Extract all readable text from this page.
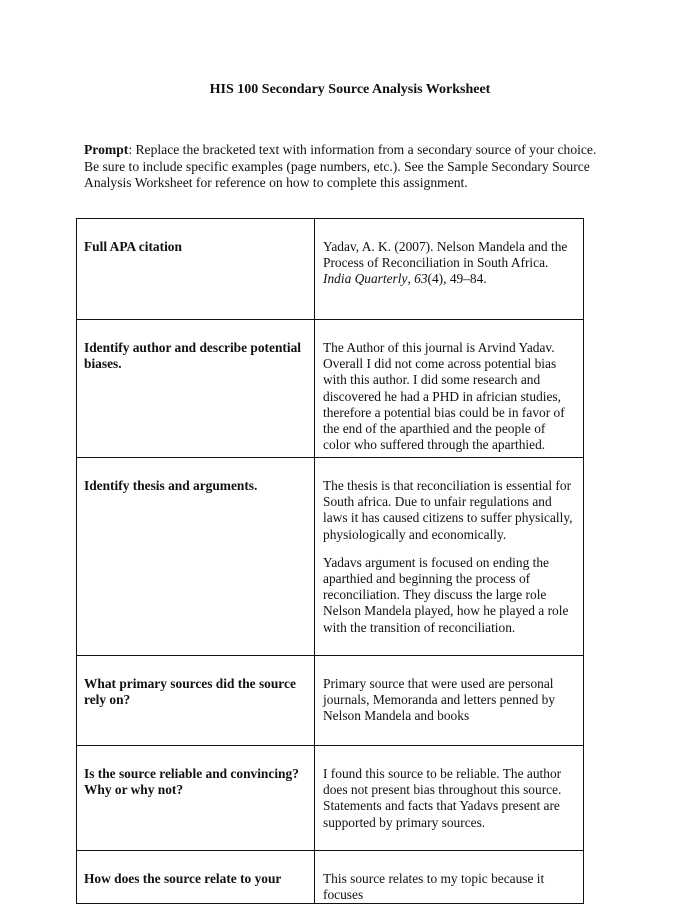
HIS 100 Secondary Source Analysis Worksheet
Prompt: Replace the bracketed text with information from a secondary source of your choice. Be sure to include specific examples (page numbers, etc.). See the Sample Secondary Source Analysis Worksheet for reference on how to complete this assignment.
Full APA citation	Yadav, A. K. (2007). Nelson Mandela and the Process of Reconciliation in South Africa. India Quarterly, 63(4), 49–84.

Identify author and describe potential biases.	The Author of this journal is Arvind Yadav. Overall I did not come across potential bias with this author. I did some research and discovered he had a PHD in africian studies, therefore a potential bias could be in favor of the end of the aparthied and the people of color who suffered through the aparthied.

Identify thesis and arguments.	The thesis is that reconciliation is essential for South africa. Due to unfair regulations and laws it has caused citizens to suffer physically, physiologically and economically.

Yadavs argument is focused on ending the aparthied and beginning the process of reconciliation. They discuss the large role Nelson Mandela played, how he played a role with the transition of reconciliation.

What primary sources did the source rely on?	Primary source that were used are personal journals, Memoranda and letters penned by Nelson Mandela and books

Is the source reliable and convincing? Why or why not?	I found this source to be reliable. The author does not present bias throughout this source. Statements and facts that Yadavs present are supported by primary sources.

How does the source relate to your	This source relates to my topic because it focuses
